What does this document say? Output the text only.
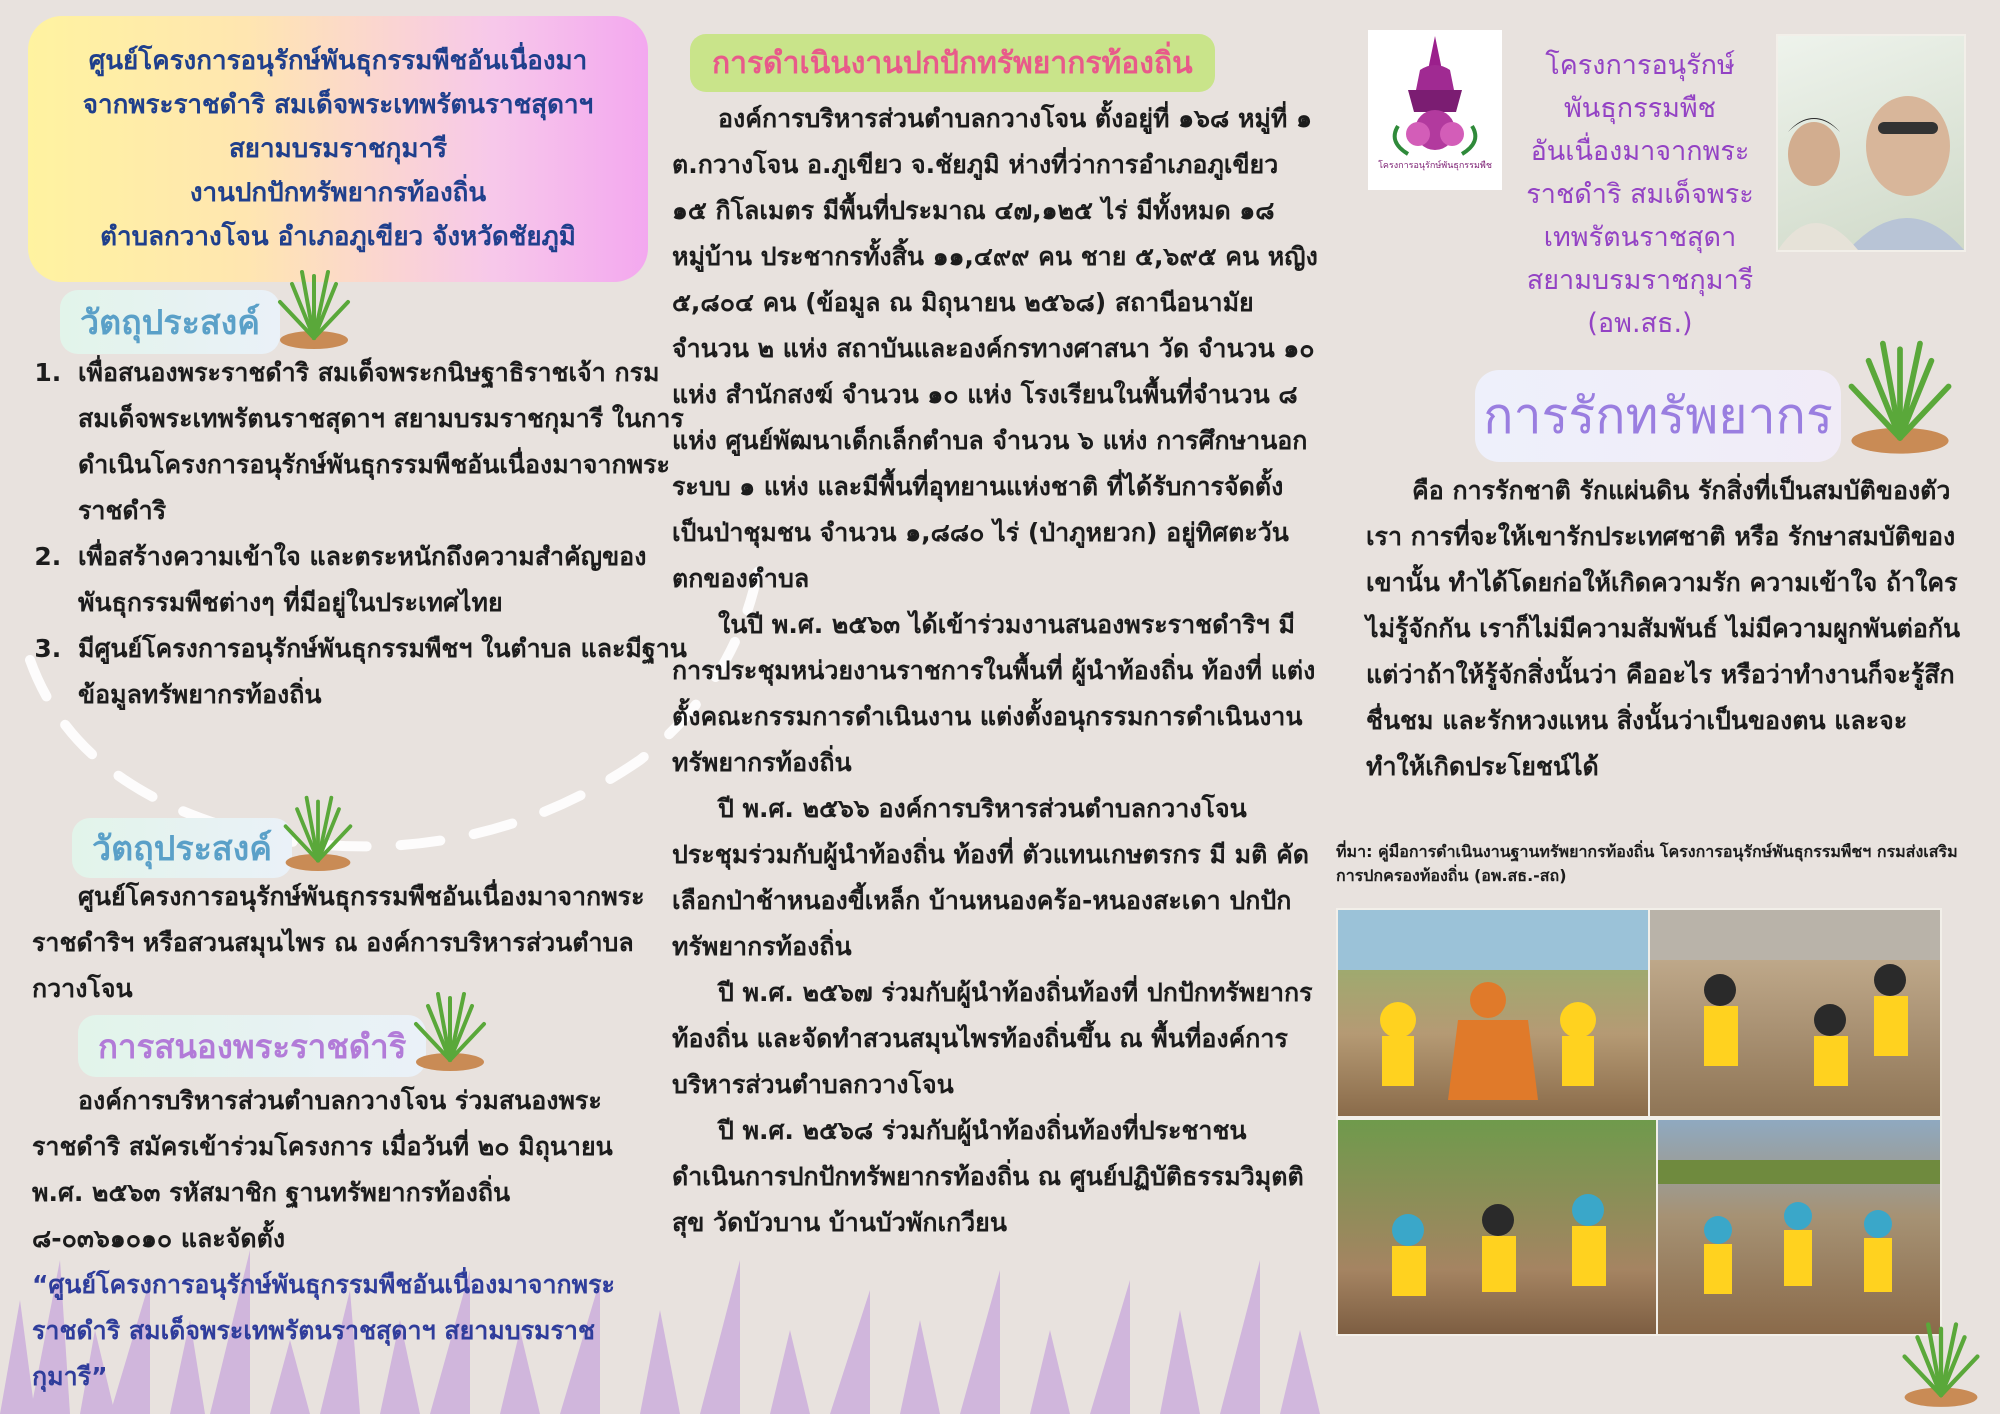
ศูนย์โครงการอนุรักษ์พันธุกรรมพืชอันเนื่องมา
จากพระราชดำริ สมเด็จพระเทพรัตนราชสุดาฯ
สยามบรมราชกุมารี
งานปกปักทรัพยากรท้องถิ่น
ตำบลกวางโจน อำเภอภูเขียว จังหวัดชัยภูมิ
วัตถุประสงค์
1. เพื่อสนองพระราชดำริ สมเด็จพระกนิษฐาธิราชเจ้า กรมสมเด็จพระเทพรัตนราชสุดาฯ สยามบรมราชกุมารี ในการดำเนินโครงการอนุรักษ์พันธุกรรมพืชอันเนื่องมาจากพระราชดำริ
2. เพื่อสร้างความเข้าใจ และตระหนักถึงความสำคัญของพันธุกรรมพืชต่างๆ ที่มีอยู่ในประเทศไทย
3. มีศูนย์โครงการอนุรักษ์พันธุกรรมพืชฯ ในตำบล และมีฐานข้อมูลทรัพยากรท้องถิ่น
วัตถุประสงค์

ศูนย์โครงการอนุรักษ์พันธุกรรมพืชอันเนื่องมาจากพระราชดำริฯ หรือสวนสมุนไพร ณ องค์การบริหารส่วนตำบลกวางโจน

การสนองพระราชดำริ

องค์การบริหารส่วนตำบลกวางโจน ร่วมสนองพระราชดำริ สมัครเข้าร่วมโครงการ เมื่อวันที่ ๒๐ มิถุนายน พ.ศ. ๒๕๖๓ รหัสมาชิก ฐานทรัพยากรท้องถิ่น ๘-๐๓๖๑๐๑๐ และจัดตั้ง

“ศูนย์โครงการอนุรักษ์พันธุกรรมพืชอันเนื่องมาจากพระราชดำริ สมเด็จพระเทพรัตนราชสุดาฯ สยามบรมราชกุมารี”

การดำเนินงานปกปักทรัพยากรท้องถิ่น

องค์การบริหารส่วนตำบลกวางโจน ตั้งอยู่ที่ ๑๖๘ หมู่ที่ ๑ ต.กวางโจน อ.ภูเขียว จ.ชัยภูมิ ห่างที่ว่าการอำเภอภูเขียว ๑๕ กิโลเมตร มีพื้นที่ประมาณ ๔๗,๑๒๕ ไร่ มีทั้งหมด ๑๘ หมู่บ้าน ประชากรทั้งสิ้น ๑๑,๔๙๙ คน ชาย ๕,๖๙๕ คน หญิง ๕,๘๐๔ คน (ข้อมูล ณ มิถุนายน ๒๕๖๘) สถานีอนามัยจำนวน ๒ แห่ง สถาบันและองค์กรทางศาสนา วัด จำนวน ๑๐ แห่ง สำนักสงฆ์ จำนวน ๑๐ แห่ง โรงเรียนในพื้นที่จำนวน ๘ แห่ง ศูนย์พัฒนาเด็กเล็กตำบล จำนวน ๖ แห่ง การศึกษานอกระบบ ๑ แห่ง และมีพื้นที่อุทยานแห่งชาติ ที่ได้รับการจัดตั้งเป็นป่าชุมชน จำนวน ๑,๘๘๐ ไร่ (ป่าภูหยวก) อยู่ทิศตะวันตกของตำบล

ในปี พ.ศ. ๒๕๖๓ ได้เข้าร่วมงานสนองพระราชดำริฯ มีการประชุมหน่วยงานราชการในพื้นที่ ผู้นำท้องถิ่น ท้องที่ แต่งตั้งคณะกรรมการดำเนินงาน แต่งตั้งอนุกรรมการดำเนินงานทรัพยากรท้องถิ่น

ปี พ.ศ. ๒๕๖๖ องค์การบริหารส่วนตำบลกวางโจน ประชุมร่วมกับผู้นำท้องถิ่น ท้องที่ ตัวแทนเกษตรกร มี มติ คัดเลือกป่าช้าหนองขี้เหล็ก บ้านหนองคร้อ-หนองสะเดา ปกปักทรัพยากรท้องถิ่น

ปี พ.ศ. ๒๕๖๗ ร่วมกับผู้นำท้องถิ่นท้องที่ ปกปักทรัพยากรท้องถิ่น และจัดทำสวนสมุนไพรท้องถิ่นขึ้น ณ พื้นที่องค์การบริหารส่วนตำบลกวางโจน

ปี พ.ศ. ๒๕๖๘ ร่วมกับผู้นำท้องถิ่นท้องที่ประชาชน ดำเนินการปกปักทรัพยากรท้องถิ่น ณ ศูนย์ปฏิบัติธรรมวิมุตติสุข วัดบัวบาน บ้านบัวพักเกวียน

โครงการอนุรักษ์พันธุกรรมพืช
โครงการอนุรักษ์
พันธุกรรมพืช
อันเนื่องมาจากพระ
ราชดำริ สมเด็จพระ
เทพรัตนราชสุดา
สยามบรมราชกุมารี
(อพ.สธ.)
การรักทรัพยากร

คือ การรักชาติ รักแผ่นดิน รักสิ่งที่เป็นสมบัติของตัวเรา การที่จะให้เขารักประเทศชาติ หรือ รักษาสมบัติของเขานั้น ทำได้โดยก่อให้เกิดความรัก ความเข้าใจ ถ้าใครไม่รู้จักกัน เราก็ไม่มีความสัมพันธ์ ไม่มีความผูกพันต่อกัน แต่ว่าถ้าให้รู้จักสิ่งนั้นว่า คืออะไร หรือว่าทำงานก็จะรู้สึกชื่นชม และรักหวงแหน สิ่งนั้นว่าเป็นของตน และจะทำให้เกิดประโยชน์ได้

ที่มา: คู่มือการดำเนินงานฐานทรัพยากรท้องถิ่น โครงการอนุรักษ์พันธุกรรมพืชฯ กรมส่งเสริมการปกครองท้องถิ่น (อพ.สธ.-สถ)
